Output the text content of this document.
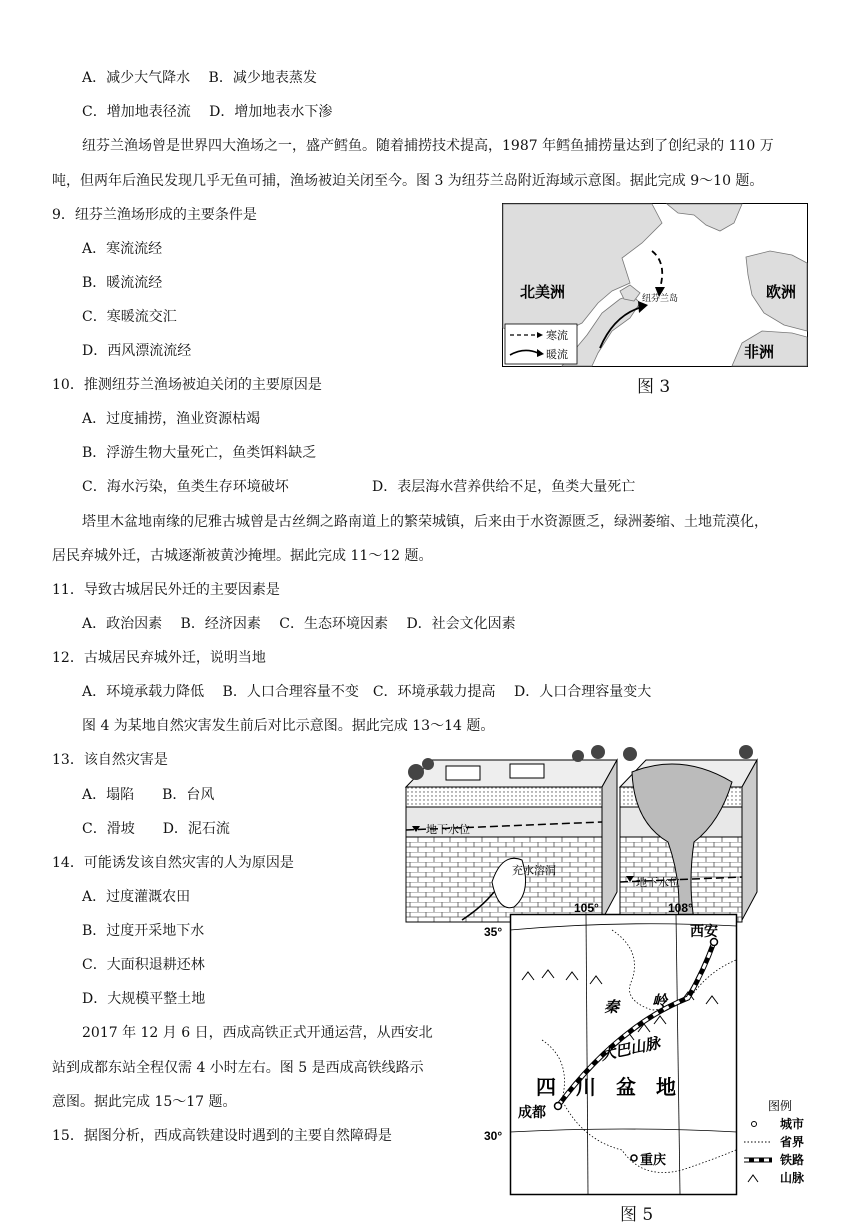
A．减少大气降水　 B．减少地表蒸发
C．增加地表径流　 D．增加地表水下渗
纽芬兰渔场曾是世界四大渔场之一，盛产鳕鱼。随着捕捞技术提高，1987 年鳕鱼捕捞量达到了创纪录的 110 万
吨，但两年后渔民发现几乎无鱼可捕，渔场被迫关闭至今。图 3 为纽芬兰岛附近海域示意图。据此完成 9～10 题。
9．纽芬兰渔场形成的主要条件是
A．寒流流经
B．暖流流经
C．寒暖流交汇
D．西风漂流流经
10．推测纽芬兰渔场被迫关闭的主要原因是
A．过度捕捞，渔业资源枯竭
B．浮游生物大量死亡，鱼类饵料缺乏
C．海水污染，鱼类生存环境破坏	D．表层海水营养供给不足，鱼类大量死亡
塔里木盆地南缘的尼雅古城曾是古丝绸之路南道上的繁荣城镇，后来由于水资源匮乏，绿洲萎缩、土地荒漠化，
居民弃城外迁，古城逐渐被黄沙掩埋。据此完成 11～12 题。
11．导致古城居民外迁的主要因素是
A．政治因素　 B．经济因素　 C．生态环境因素　 D．社会文化因素
12．古城居民弃城外迁，说明当地
A．环境承载力降低　 B．人口合理容量不变　C．环境承载力提高　 D．人口合理容量变大
图 4 为某地自然灾害发生前后对比示意图。据此完成 13～14 题。
13．该自然灾害是
A．塌陷　　B．台风
C．滑坡　　D．泥石流
14．可能诱发该自然灾害的人为原因是
A．过度灌溉农田
B．过度开采地下水
C．大面积退耕还林
D．大规模平整土地
2017 年 12 月 6 日，西成高铁正式开通运营，从西安北
站到成都东站全程仅需 4 小时左右。图 5 是西成高铁线路示
意图。据此完成 15～17 题。
15．据图分析，西成高铁建设时遇到的主要自然障碍是
北美洲	欧洲
非洲
纽芬兰岛
寒流
暖流
图 3
地下水位
充水溶洞
地下水位
105°	108°
35°
30°
西安
秦 岭
大巴山脉
四　川　盆　地
成都
重庆
图例
城市
省界
铁路
山脉
图 5
